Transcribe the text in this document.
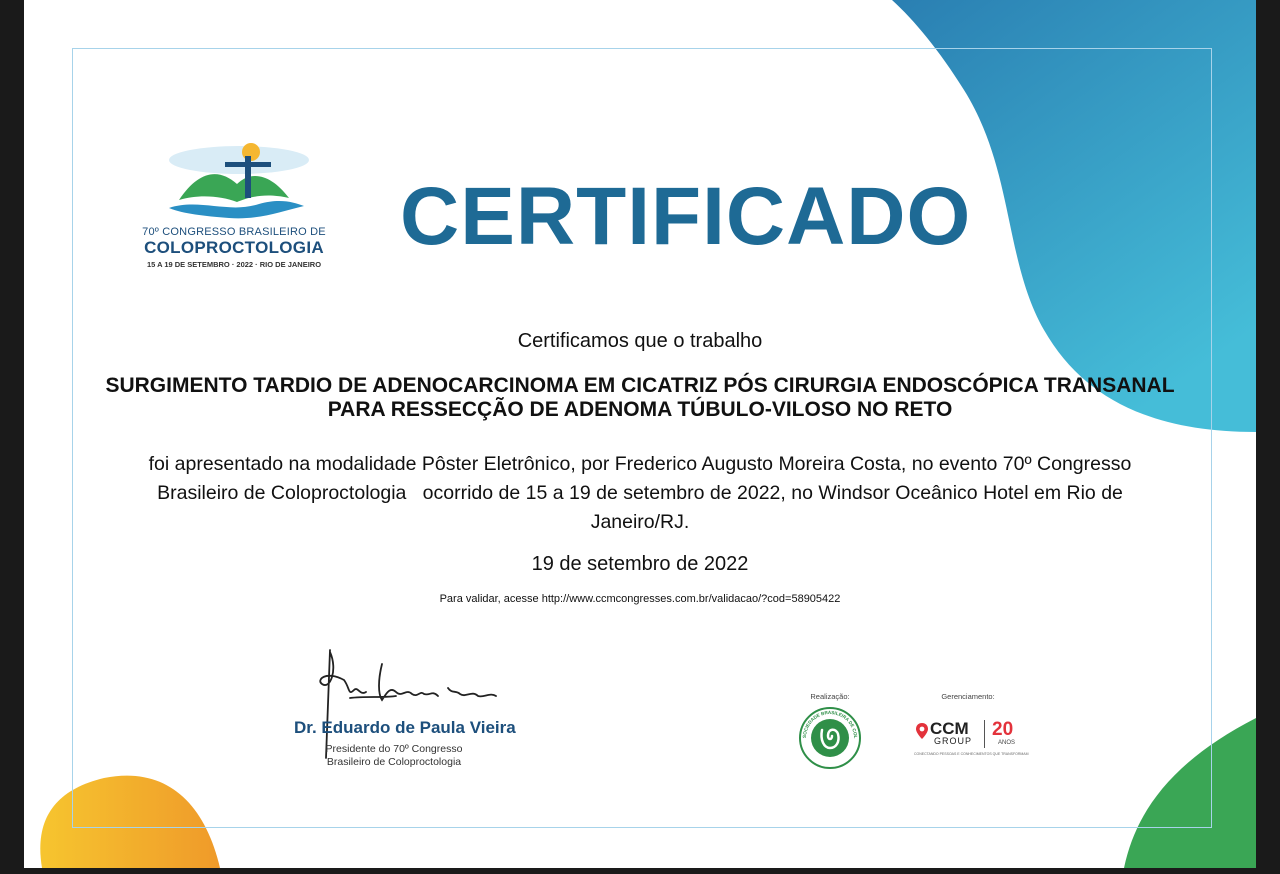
70º CONGRESSO BRASILEIRO DE
COLOPROCTOLOGIA
15 A 19 DE SETEMBRO · 2022 · RIO DE JANEIRO
CERTIFICADO
Certificamos que o trabalho
SURGIMENTO TARDIO DE ADENOCARCINOMA EM CICATRIZ PÓS CIRURGIA ENDOSCÓPICA TRANSANAL PARA RESSECÇÃO DE ADENOMA TÚBULO-VILOSO NO RETO
foi apresentado na modalidade Pôster Eletrônico, por Frederico Augusto Moreira Costa, no evento 70º Congresso Brasileiro de Coloproctologia   ocorrido de 15 a 19 de setembro de 2022, no Windsor Oceânico Hotel em Rio de Janeiro/RJ.
19 de setembro de 2022
Para validar, acesse http://www.ccmcongresses.com.br/validacao/?cod=58905422
Dr. Eduardo de Paula Vieira
Presidente do 70º Congresso
Brasileiro de Coloproctologia
Realização:
SOCIEDADE BRASILEIRA DE COL
Gerenciamento:
CCM
GROUP
20
ANOS
CONECTANDO PESSOAS E CONHECIMENTOS QUE TRANSFORMAM
